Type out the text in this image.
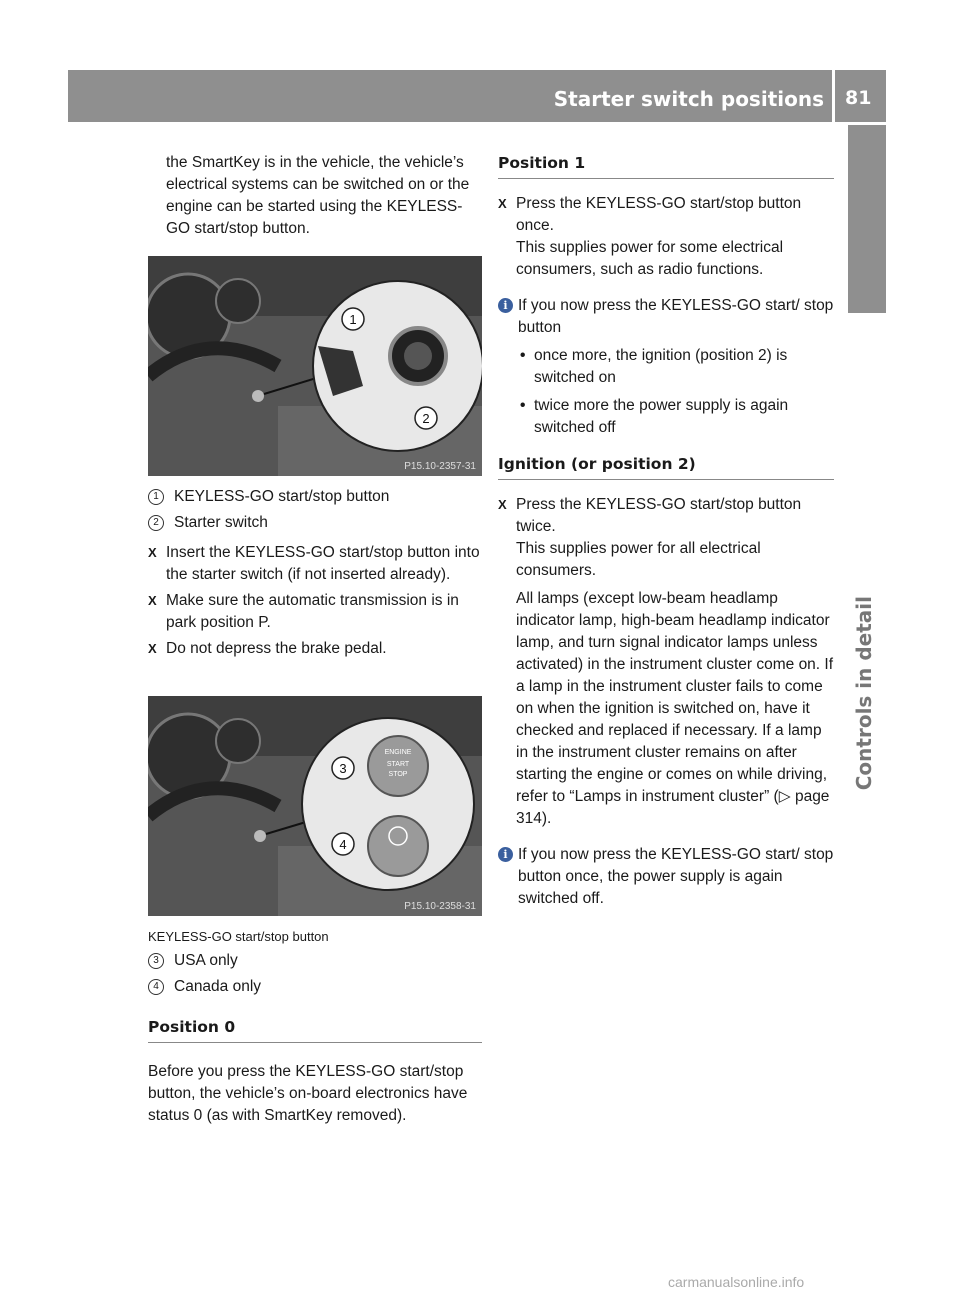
Starter switch positions 81
Controls in detail

the SmartKey is in the vehicle, the vehicle’s electrical systems can be switched on or the engine can be started using the KEYLESS-GO start/stop button.

1
2
P15.10-2357-31
1 KEYLESS-GO start/stop button
2 Starter switch
X Insert the KEYLESS-GO start/stop button into the starter switch (if not inserted already).
X Make sure the automatic transmission is in park position P.
X Do not depress the brake pedal.
ENGINE
START
STOP
3
4
P15.10-2358-31

KEYLESS-GO start/stop button

3 USA only
4 Canada only
Position 0

Before you press the KEYLESS-GO start/stop button, the vehicle’s on-board electronics have status 0 (as with SmartKey removed).

Position 1
X Press the KEYLESS-GO start/stop button once.

This supplies power for some electrical consumers, such as radio functions.

i If you now press the KEYLESS-GO start/ stop button
• once more, the ignition (position 2) is switched on
• twice more the power supply is again switched off
Ignition (or position 2)
X Press the KEYLESS-GO start/stop button twice.

This supplies power for all electrical consumers.

All lamps (except low-beam headlamp indicator lamp, high-beam headlamp indicator lamp, and turn signal indicator lamps unless activated) in the instrument cluster come on. If a lamp in the instrument cluster fails to come on when the ignition is switched on, have it checked and replaced if necessary. If a lamp in the instrument cluster remains on after starting the engine or comes on while driving, refer to “Lamps in instrument cluster” (▷ page 314).

i If you now press the KEYLESS-GO start/ stop button once, the power supply is again switched off.
carmanualsonline.info
